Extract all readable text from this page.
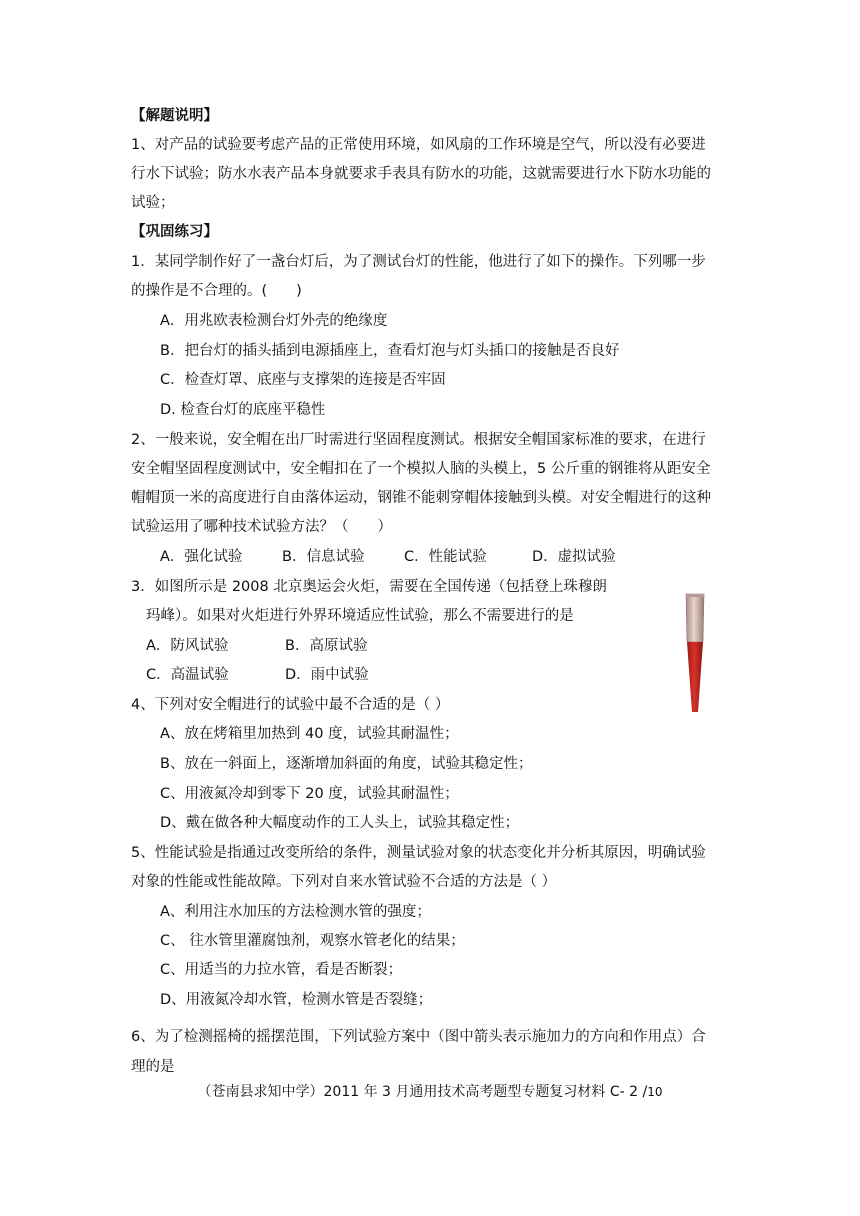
【解题说明】
1、对产品的试验要考虑产品的正常使用环境，如风扇的工作环境是空气，所以没有必要进
行水下试验；防水水表产品本身就要求手表具有防水的功能，这就需要进行水下防水功能的
试验；
【巩固练习】
1．某同学制作好了一盏台灯后，为了测试台灯的性能，他进行了如下的操作。下列哪一步
的操作是不合理的。(　　)
A．用兆欧表检测台灯外壳的绝缘度
B．把台灯的插头插到电源插座上，查看灯泡与灯头插口的接触是否良好
C．检查灯罩、底座与支撑架的连接是否牢固
D. 检查台灯的底座平稳性
2、一般来说，安全帽在出厂时需进行坚固程度测试。根据安全帽国家标准的要求，在进行
安全帽坚固程度测试中，安全帽扣在了一个模拟人脑的头模上，5 公斤重的钢锥将从距安全
帽帽顶一米的高度进行自由落体运动，钢锥不能刺穿帽体接触到头模。对安全帽进行的这种
试验运用了哪种技术试验方法？（　　）
A．强化试验	B．信息试验	C．性能试验	D．虚拟试验
3．如图所示是 2008 北京奥运会火炬，需要在全国传递（包括登上珠穆朗
玛峰）。如果对火炬进行外界环境适应性试验，那么不需要进行的是
A．防风试验	B．高原试验
C．高温试验	D．雨中试验
4、下列对安全帽进行的试验中最不合适的是（ ）
A、放在烤箱里加热到 40 度，试验其耐温性；
B、放在一斜面上，逐渐增加斜面的角度，试验其稳定性；
C、用液氮冷却到零下 20 度，试验其耐温性；
D、戴在做各种大幅度动作的工人头上，试验其稳定性；
5、性能试验是指通过改变所给的条件，测量试验对象的状态变化并分析其原因，明确试验
对象的性能或性能故障。下列对自来水管试验不合适的方法是（ ）
A、利用注水加压的方法检测水管的强度；
C、 往水管里灌腐蚀剂，观察水管老化的结果；
C、用适当的力拉水管，看是否断裂；
D、用液氮冷却水管，检测水管是否裂缝；
6、为了检测摇椅的摇摆范围，下列试验方案中（图中箭头表示施加力的方向和作用点）合
理的是
（苍南县求知中学）2011 年 3 月通用技术高考题型专题复习材料 C- 2 /10
